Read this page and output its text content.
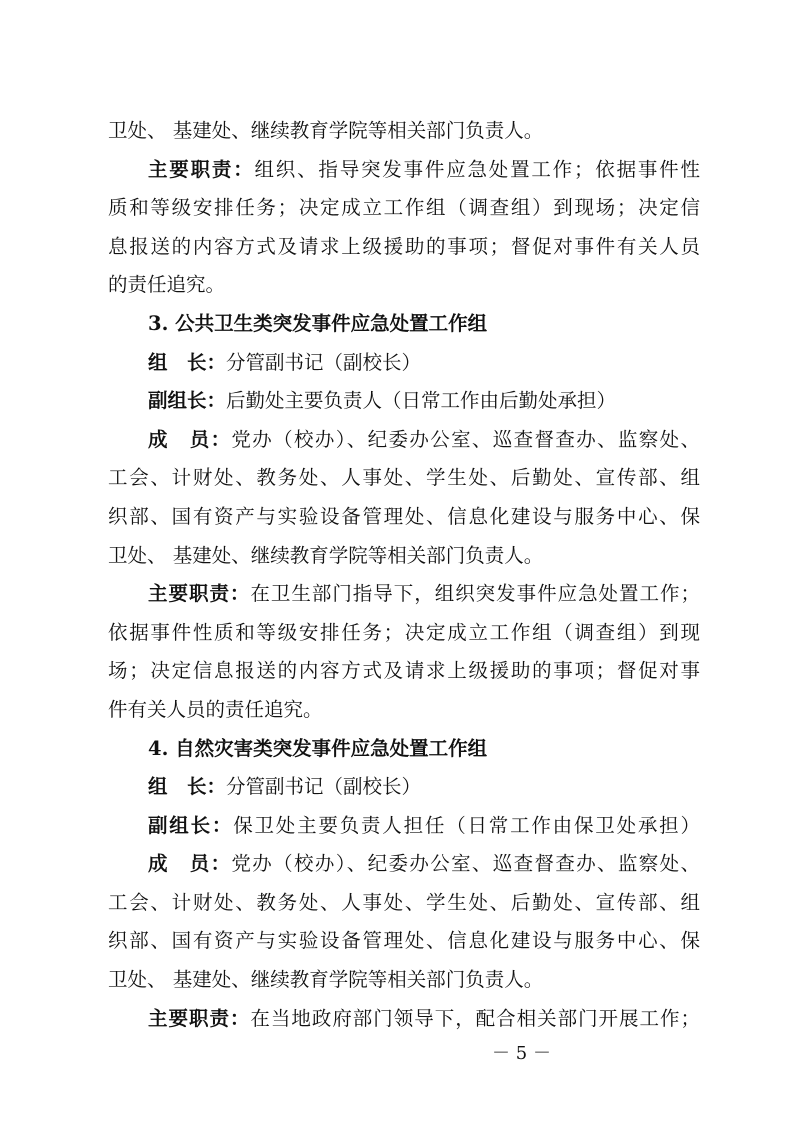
卫处、 基建处、继续教育学院等相关部门负责人。
主要职责：组织、指导突发事件应急处置工作；依据事件性
质和等级安排任务；决定成立工作组（调查组）到现场；决定信
息报送的内容方式及请求上级援助的事项；督促对事件有关人员
的责任追究。
3. 公共卫生类突发事件应急处置工作组
组　长：分管副书记（副校长）
副组长：后勤处主要负责人（日常工作由后勤处承担）
成　员：党办（校办）、纪委办公室、巡查督查办、监察处、
工会、计财处、教务处、人事处、学生处、后勤处、宣传部、组
织部、国有资产与实验设备管理处、信息化建设与服务中心、保
卫处、 基建处、继续教育学院等相关部门负责人。
主要职责：在卫生部门指导下，组织突发事件应急处置工作；
依据事件性质和等级安排任务；决定成立工作组（调查组）到现
场；决定信息报送的内容方式及请求上级援助的事项；督促对事
件有关人员的责任追究。
4. 自然灾害类突发事件应急处置工作组
组　长：分管副书记（副校长）
副组长：保卫处主要负责人担任（日常工作由保卫处承担）
成　员：党办（校办）、纪委办公室、巡查督查办、监察处、
工会、计财处、教务处、人事处、学生处、后勤处、宣传部、组
织部、国有资产与实验设备管理处、信息化建设与服务中心、保
卫处、 基建处、继续教育学院等相关部门负责人。
主要职责：在当地政府部门领导下，配合相关部门开展工作；
－ 5 －
